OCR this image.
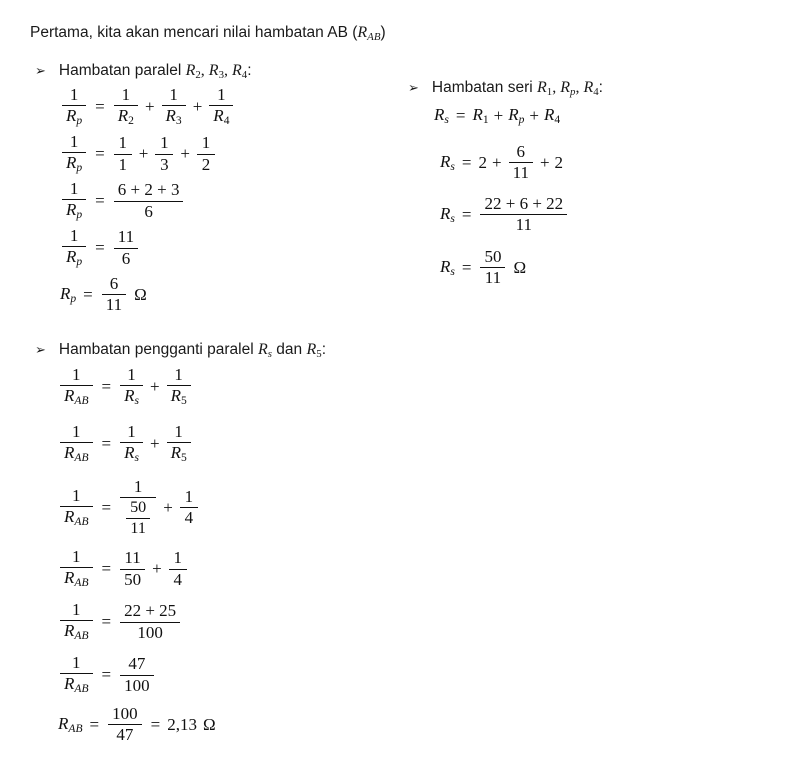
Pertama, kita akan mencari nilai hambatan AB $(R_{AB})$
➢ Hambatan paralel $R_2$, $R_3$, $R_4$:
$\frac{1}{R_p} = \frac{1}{R_2} + \frac{1}{R_3} + \frac{1}{R_4}$
$\frac{1}{R_p} = \frac{1}{1} + \frac{1}{3} + \frac{1}{2}$
$\frac{1}{R_p} = \frac{6 + 2 + 3}{6}$
$\frac{1}{R_p} = \frac{11}{6}$
$R_p = \frac{6}{11}$ Ω
➢ Hambatan seri $R_1$, $R_p$, $R_4$:
$R_s = R_1 + R_p + R_4$
$R_s = 2 + \frac{6}{11} + 2$
$R_s = \frac{22 + 6 + 22}{11}$
$R_s = \frac{50}{11}$ Ω
➢ Hambatan pengganti paralel $R_s$ dan $R_5$:
$\frac{1}{R_{AB}} = \frac{1}{R_s} + \frac{1}{R_5}$
$\frac{1}{R_{AB}} = \frac{1}{R_s} + \frac{1}{R_5}$
$\frac{1}{R_{AB}} = \frac{1}{\frac{50}{11}} + \frac{1}{4}$
$\frac{1}{R_{AB}} = \frac{11}{50} + \frac{1}{4}$
$\frac{1}{R_{AB}} = \frac{22 + 25}{100}$
$\frac{1}{R_{AB}} = \frac{47}{100}$
$R_{AB} = \frac{100}{47} = 2,13$ Ω
